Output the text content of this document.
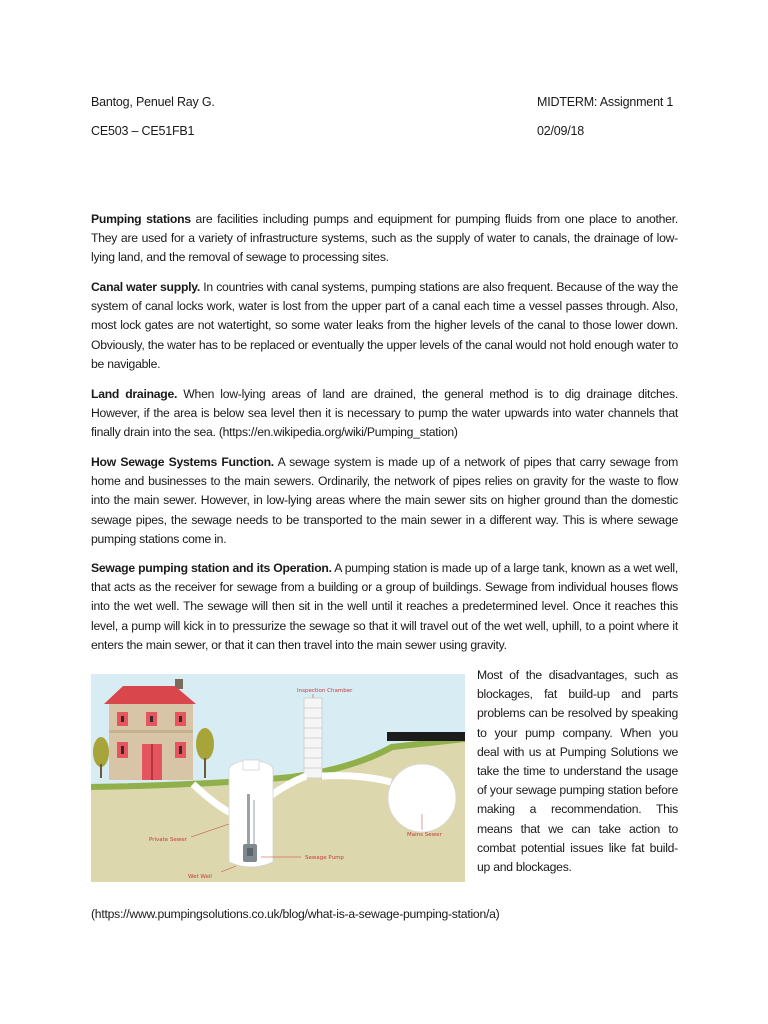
Bantog, Penuel Ray G.	MIDTERM: Assignment 1
CE503 – CE51FB1	02/09/18

Pumping stations are facilities including pumps and equipment for pumping fluids from one place to another. They are used for a variety of infrastructure systems, such as the supply of water to canals, the drainage of low-lying land, and the removal of sewage to processing sites.

Canal water supply. In countries with canal systems, pumping stations are also frequent. Because of the way the system of canal locks work, water is lost from the upper part of a canal each time a vessel passes through. Also, most lock gates are not watertight, so some water leaks from the higher levels of the canal to those lower down. Obviously, the water has to be replaced or eventually the upper levels of the canal would not hold enough water to be navigable.

Land drainage. When low-lying areas of land are drained, the general method is to dig drainage ditches. However, if the area is below sea level then it is necessary to pump the water upwards into water channels that finally drain into the sea. (https://en.wikipedia.org/wiki/Pumping_station)

How Sewage Systems Function. A sewage system is made up of a network of pipes that carry sewage from home and businesses to the main sewers. Ordinarily, the network of pipes relies on gravity for the waste to flow into the main sewer. However, in low-lying areas where the main sewer sits on higher ground than the domestic sewage pipes, the sewage needs to be transported to the main sewer in a different way. This is where sewage pumping stations come in.

Sewage pumping station and its Operation. A pumping station is made up of a large tank, known as a wet well, that acts as the receiver for sewage from a building or a group of buildings. Sewage from individual houses flows into the wet well. The sewage will then sit in the well until it reaches a predetermined level. Once it reaches this level, a pump will kick in to pressurize the sewage so that it will travel out of the wet well, uphill, to a point where it enters the main sewer, or that it can then travel into the main sewer using gravity.

Inspection Chamber
Private Sewer
Sewage Pump
Wet Well
Mains Sewer

Most of the disadvantages, such as blockages, fat build-up and parts problems can be resolved by speaking to your pump company. When you deal with us at Pumping Solutions we take the time to understand the usage of your sewage pumping station before making a recommendation. This means that we can take action to combat potential issues like fat build-up and blockages.

(https://www.pumpingsolutions.co.uk/blog/what-is-a-sewage-pumping-station/a)
